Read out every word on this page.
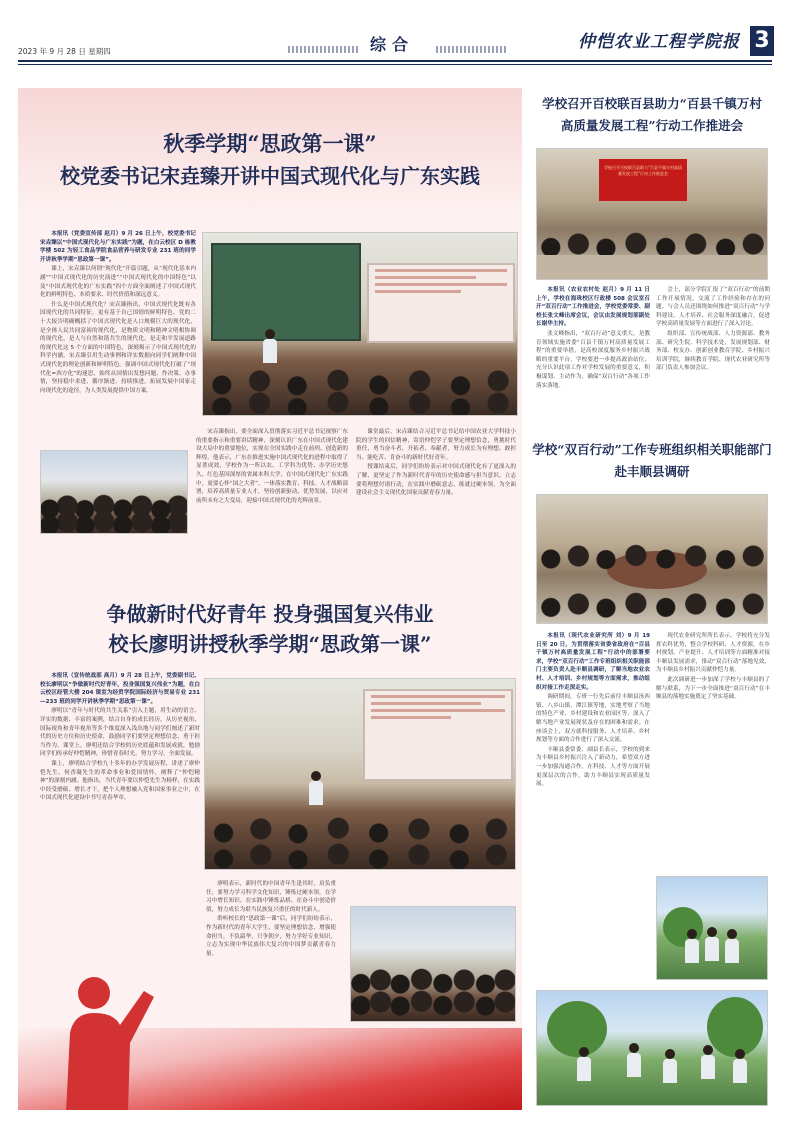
2023 年 9 月 28 日 星期四	综合	仲恺农业工程学院报 3
秋季学期“思政第一课”
校党委书记宋垚臻开讲中国式现代化与广东实践

本报讯（党委宣传部 赵月）9 月 26 日上午，校党委书记宋垚臻以“中国式现代化与广东实践”为题，在白云校区 D 栋教学楼 502 为轻工食品学院食品营养与研发专业 231 班的同学开讲秋季学期“思政第一课”。

课上，宋垚臻以何谓“现代化”开篇引题，从“现代化基本内涵”“中国式现代化的历史演进”“中国式现代化的中国特色”以及“中国式现代化的广东实践”四个方面全面阐述了中国式现代化的鲜明特色、本质要求、时代价值和深远意义。

什么是中国式现代化？宋垚臻指出，中国式现代化既有各国现代化的共同特征，更有基于自己国情的鲜明特色。党的二十大报告明确概括了中国式现代化是人口规模巨大的现代化，是全体人民共同富裕的现代化，是物质文明和精神文明相协调的现代化，是人与自然和谐共生的现代化，是走和平发展道路的现代化这 5 个方面的中国特色，深刻揭示了中国式现代化的科学内涵。宋垚臻引用生动事例和详实数据向同学们阐释中国式现代化的理论创新和鲜明特色。强调中国式现代化打破了“现代化=西方化”的迷思，始终从国情出发想问题、作决策、办事情，坚持稳中求进、循序渐进、持续推进，拓展发展中国家走向现代化的途径，为人类发展提供中国方案。

宋垚臻指出，要全面深入贯彻落实习近平总书记视察广东的重要指示和重要讲话精神，深刻认识广东在中国式现代化建设大局中的重要地位，实现在全国实践中走在前列、创造新的辉煌。他表示，广东在推进实施中国式现代化的进程中取得了显著成效，学校作为一所以农、工学科为优势、办学历史悠久、红色基因深厚的省属本科大学，在中国式现代化广东实践中，更要心怀“国之大者”，一体落实教育、科技、人才战略部署，培养高质量专业人才，坚持创新驱动、优势发展，以应对前所未有之大变局，迎接中国式现代化的光辉前景。

课堂最后，宋垚臻结合习近平总书记给中国农业大学科技小院的学生的回信精神，寄语仲恺学子要坚定理想信念，勇挑时代重任，勇当奋斗者、开拓者、奉献者，努力成长为有理想、敢担当、能吃苦、肯奋斗的新时代好青年。

授课结束后，同学们纷纷表示对中国式现代化有了更深入的了解，更坚定了作为新时代青年的历史使命感与担当意识，立志要将理想付诸行动，在实践中磨砺意志，练就过硬本领，为全面建设社会主义现代化国家贡献青春力量。

争做新时代好青年 投身强国复兴伟业
校长廖明讲授秋季学期“思政第一课”

本报讯（宣传统战部 高月）9 月 28 日上午，党委副书记、校长廖明以“争做新时代好青年，投身强国复兴伟业”为题，在白云校区经管大楼 204 课室为经贸学院国际经济与贸易专业 231—233 班的同学开讲秋季学期“思政第一课”。

廖明以“青年与时代的共生关系”引入主题，用生动的语言、详实的数据、丰富的案例，结合自身的成长经历，从历史视角、国际视角和青年视角等多个维度深入浅出地与同学们阐述了新时代的历史方位和历史使命，鼓励同学们要坚定理想信念、勇于担当作为。课堂上，廖明还结合学校的历史底蕴和发展成就，勉励同学们传承好仲恺精神，珍惜青春时光，努力学习，全面发展。

课上，廖明结合学校九十多年的办学发展历程，讲述了廖仲恺先生、何香凝先生的革命事业和爱国情怀，阐释了“仲恺精神”的深刻内涵。他指出，当代青年要以仲恺先生为榜样，在实践中经受磨砺、增长才干，把个人理想融入党和国家事业之中，在中国式现代化建设中书写青春华章。

廖明表示，新时代的中国青年生逢其时，肩负重任，要努力学习科学文化知识，锤炼过硬本领，在学习中增长知识、在实践中锤炼品格、在奋斗中创造价值，努力成长为堪当民族复兴重任的时代新人。

聆听校长的“思政第一课”后，同学们纷纷表示，作为新时代的青年大学生，要坚定理想信念，增强使命担当，不负韶华，只争朝夕，努力学好专业知识，立志为实现中华民族伟大复兴的中国梦贡献青春力量。

学校召开百校联百县助力“百县千镇万村
高质量发展工程”行动工作推进会
学校召开百校联百县助力“百县千镇万村高质量发展工程”行动工作推进会

本报讯（农业农村处 赵月）9 月 11 日上午，学校在海珠校区行政楼 508 会议室召开“双百行动”工作推进会，学校党委常委、副校长张文峰出席会议，会议由发展规划部副处长谢华主持。

张文峰指出，“双百行动”意义重大，是教育领域实施省委“百县千镇万村高质量发展工程”的重要举措，是高校深度服务乡村振兴战略的重要平台，学校要进一步提高政治站位，充分认识此项工作对学校发展的重要意义，积极谋划、主动作为，确保“双百行动”各项工作落实落地。

会上，部分学院汇报了“双百行动”的前期工作开展情况，交流了工作经验和存在的问题。与会人员还围绕如何推进“双百行动”与学科建设、人才培养、社会服务深度融合，促进学校高质量发展等方面进行了深入讨论。

组织部、宣传统战部、人力资源部、教务部、研究生院、科学技术处、发展规划部、财务部、校友办、创新创业教育学院、乡村振兴培训学院，继续教育学院、现代农业研究所等部门负责人参加会议。

学校“双百行动”工作专班组织相关职能部门
赴丰顺县调研

本报讯（现代农业研究所 刘）9 月 19 日至 20 日，为贯彻落实省委省政府在“百县千镇万村高质量发展工程”行动中的部署要求，学校“双百行动”工作专班组织相关职能部门主要负责人赴丰顺县调研，了解当地农业农村、人才培训、乡村规划等方面需求，推动组织对接工作走深走实。

调研期间，专班一行先后前往丰顺县汤西镇、八乡山镇、潭江镇等地，实地考察了当地的特色产业、乡村建设和农业园区等，深入了解当地产业发展现状及存在的困难和需求。在座谈会上，双方就科技服务、人才培养、乡村规划等方面的合作进行了深入交流。

丰顺县委常委、副县长表示，学校的到来为丰顺县乡村振兴注入了新动力，希望双方进一步加强沟通合作，在科技、人才等方面开展更深层次的合作，助力丰顺县实现高质量发展。

现代农业研究所所长表示，学校将充分发挥农科优势，整合学校科研、人才资源，在乡村规划、产业提升、人才培训等方面精准对接丰顺县发展需求，推动“双百行动”落地见效，为丰顺县乡村振兴贡献仲恺力量。

此次调研进一步加深了学校与丰顺县的了解与联系，为下一步全面推进“双百行动”在丰顺县的落地实施奠定了坚实基础。
